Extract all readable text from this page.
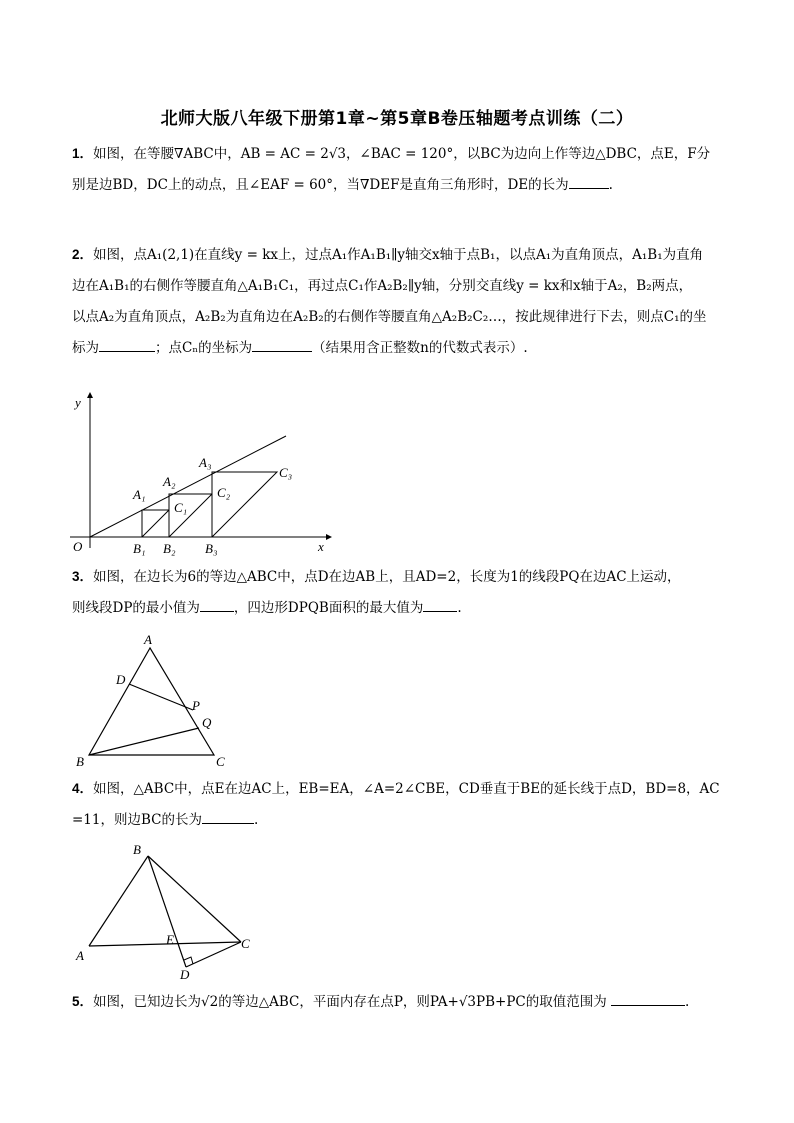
北师大版八年级下册第1章~第5章B卷压轴题考点训练（二）
1．如图，在等腰∇ABC中，AB = AC = 2√3，∠BAC = 120°，以BC为边向上作等边△DBC，点E，F分
别是边BD，DC上的动点，且∠EAF = 60°，当∇DEF是直角三角形时，DE的长为	.
2．如图，点A₁(2,1)在直线y = kx上，过点A₁作A₁B₁∥y轴交x轴于点B₁，以点A₁为直角顶点，A₁B₁为直角
边在A₁B₁的右侧作等腰直角△A₁B₁C₁，再过点C₁作A₂B₂∥y轴，分别交直线y = kx和x轴于A₂，B₂两点，
以点A₂为直角顶点，A₂B₂为直角边在A₂B₂的右侧作等腰直角△A₂B₂C₂…，按此规律进行下去，则点C₁的坐
标为	；点Cₙ的坐标为	（结果用含正整数n的代数式表示）.
y
x
O
A₁
A₂
A₃
B₁ B₂ B₃
C₁
C₂
C₃
3．如图，在边长为6的等边△ABC中，点D在边AB上，且AD=2，长度为1的线段PQ在边AC上运动，
则线段DP的最小值为	，四边形DPQB面积的最大值为	.
A
B	C
D
P
Q
4．如图，△ABC中，点E在边AC上，EB=EA，∠A=2∠CBE，CD垂直于BE的延长线于点D，BD=8，AC
=11，则边BC的长为	.
B
A
C
E
D
5．如图，已知边长为√2的等边△ABC，平面内存在点P，则PA+√3PB+PC的取值范围为	.
